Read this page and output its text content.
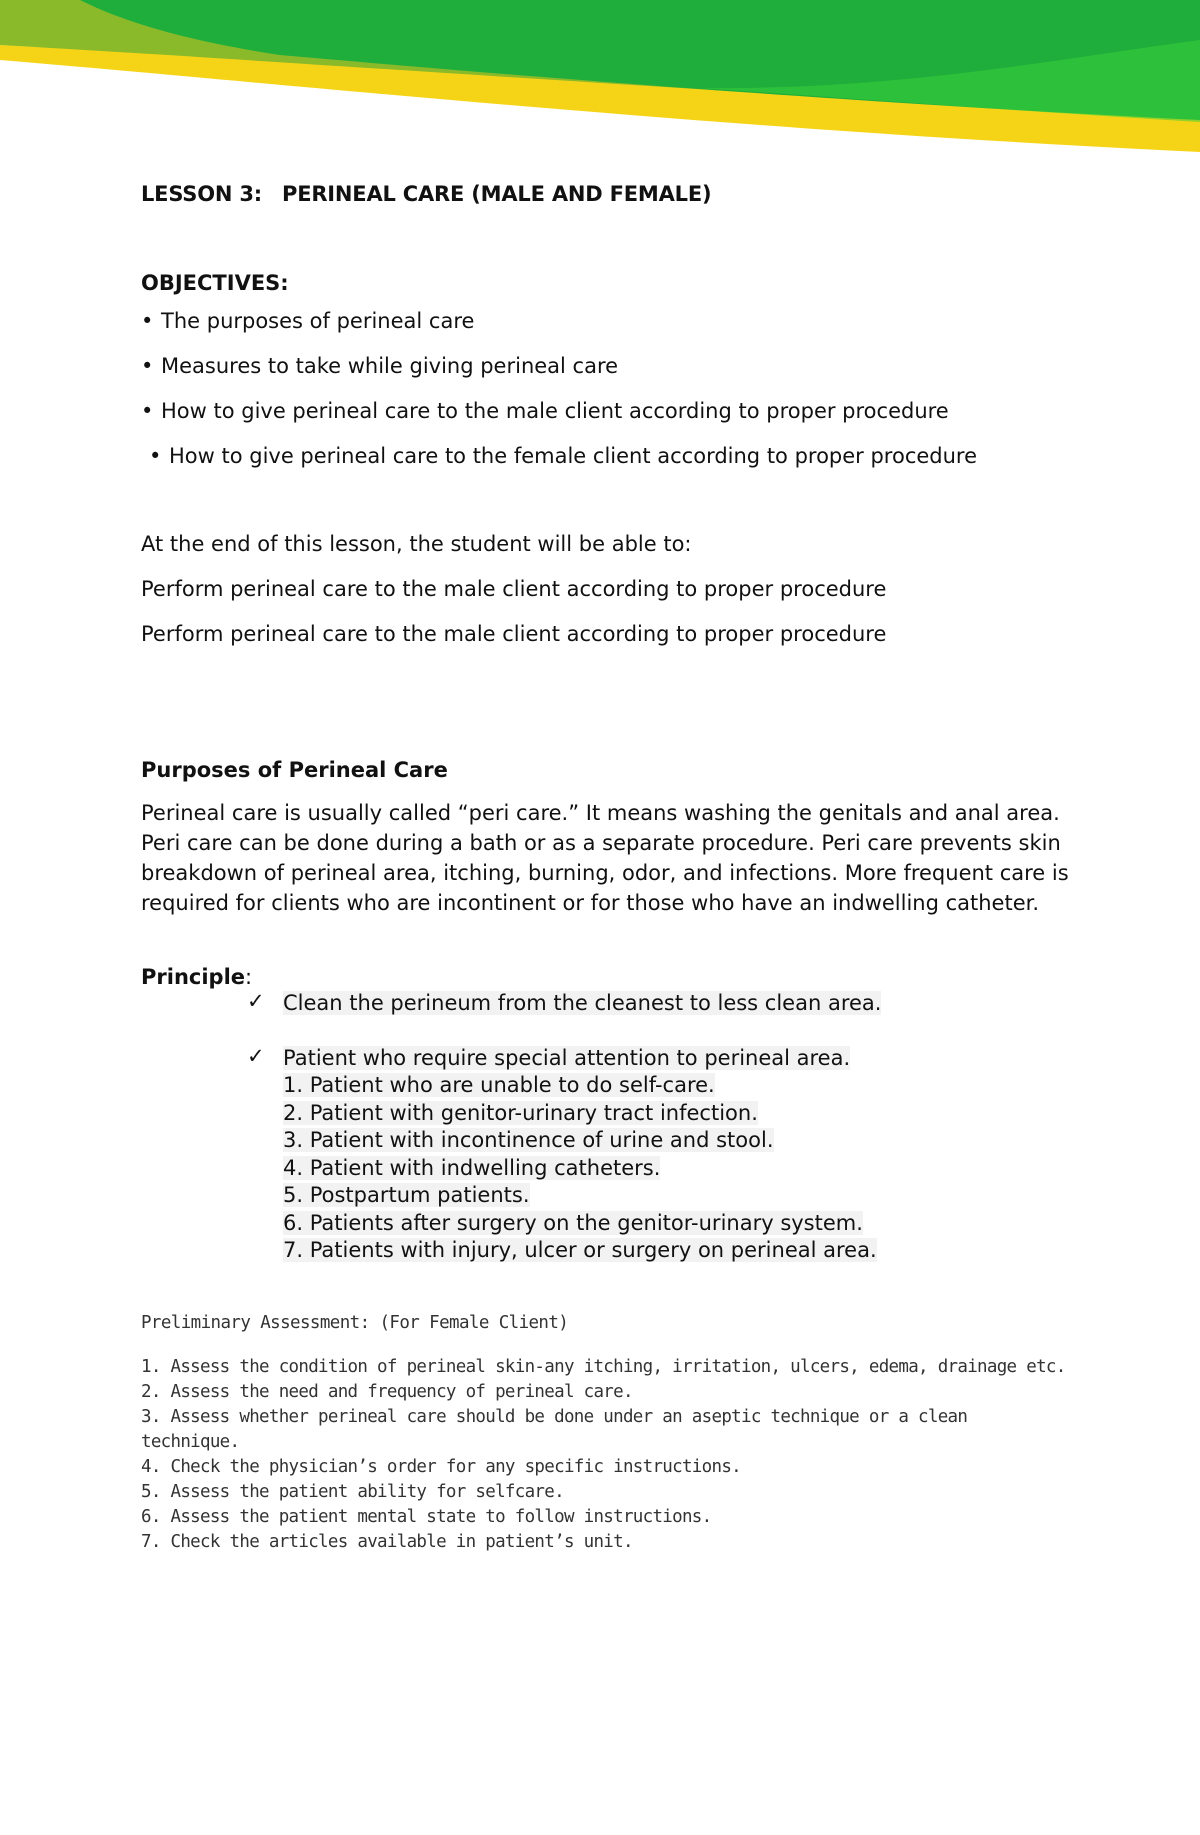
LESSON 3: PERINEAL CARE (MALE AND FEMALE)

OBJECTIVES:

• The purposes of perineal care
• Measures to take while giving perineal care
• How to give perineal care to the male client according to proper procedure
• How to give perineal care to the female client according to proper procedure

At the end of this lesson, the student will be able to:

Perform perineal care to the male client according to proper procedure

Perform perineal care to the male client according to proper procedure

Purposes of Perineal Care

Perineal care is usually called “peri care.” It means washing the genitals and anal area. Peri care can be done during a bath or as a separate procedure. Peri care prevents skin breakdown of perineal area, itching, burning, odor, and infections. More frequent care is required for clients who are incontinent or for those who have an indwelling catheter.

Principle:

✓ Clean the perineum from the cleanest to less clean area.

✓ Patient who require special attention to perineal area.

1. Patient who are unable to do self-care.
2. Patient with genitor-urinary tract infection.
3. Patient with incontinence of urine and stool.
4. Patient with indwelling catheters.
5. Postpartum patients.
6. Patients after surgery on the genitor-urinary system.
7. Patients with injury, ulcer or surgery on perineal area.

Preliminary Assessment: (For Female Client)

1. Assess the condition of perineal skin-any itching, irritation, ulcers, edema, drainage etc.
2. Assess the need and frequency of perineal care.
3. Assess whether perineal care should be done under an aseptic technique or a clean technique.
4. Check the physician’s order for any specific instructions.
5. Assess the patient ability for selfcare.
6. Assess the patient mental state to follow instructions.
7. Check the articles available in patient’s unit.
